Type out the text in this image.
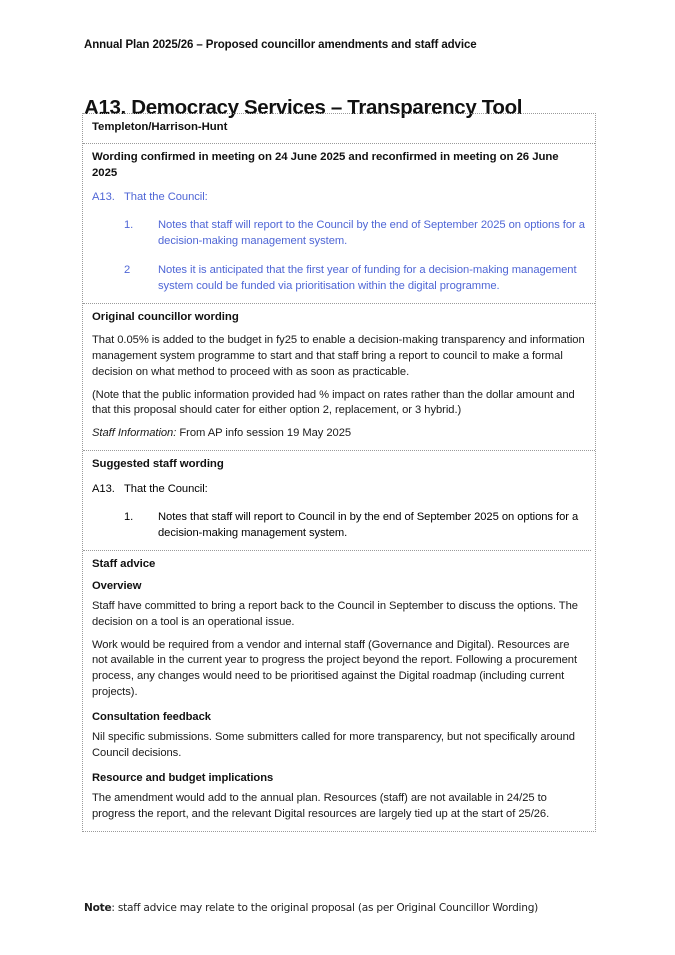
Annual Plan 2025/26 – Proposed councillor amendments and staff advice
A13. Democracy Services – Transparency Tool
Templeton/Harrison-Hunt
Wording confirmed in meeting on 24 June 2025 and reconfirmed in meeting on 26 June 2025
A13. That the Council:
1.	Notes that staff will report to the Council by the end of September 2025 on options for a decision-making management system.
2	Notes it is anticipated that the first year of funding for a decision-making management system could be funded via prioritisation within the digital programme.
Original councillor wording

That 0.05% is added to the budget in fy25 to enable a decision-making transparency and information management system programme to start and that staff bring a report to council to make a formal decision on what method to proceed with as soon as practicable.

(Note that the public information provided had % impact on rates rather than the dollar amount and that this proposal should cater for either option 2, replacement, or 3 hybrid.)

Staff Information: From AP info session 19 May 2025

Suggested staff wording
A13. That the Council:
1.	Notes that staff will report to Council in by the end of September 2025 on options for a decision-making management system.
Staff advice
Overview

Staff have committed to bring a report back to the Council in September to discuss the options. The decision on a tool is an operational issue.

Work would be required from a vendor and internal staff (Governance and Digital). Resources are not available in the current year to progress the project beyond the report. Following a procurement process, any changes would need to be prioritised against the Digital roadmap (including current projects).

Consultation feedback

Nil specific submissions. Some submitters called for more transparency, but not specifically around Council decisions.

Resource and budget implications

The amendment would add to the annual plan. Resources (staff) are not available in 24/25 to progress the report, and the relevant Digital resources are largely tied up at the start of 25/26.

Note: staff advice may relate to the original proposal (as per Original Councillor Wording)
